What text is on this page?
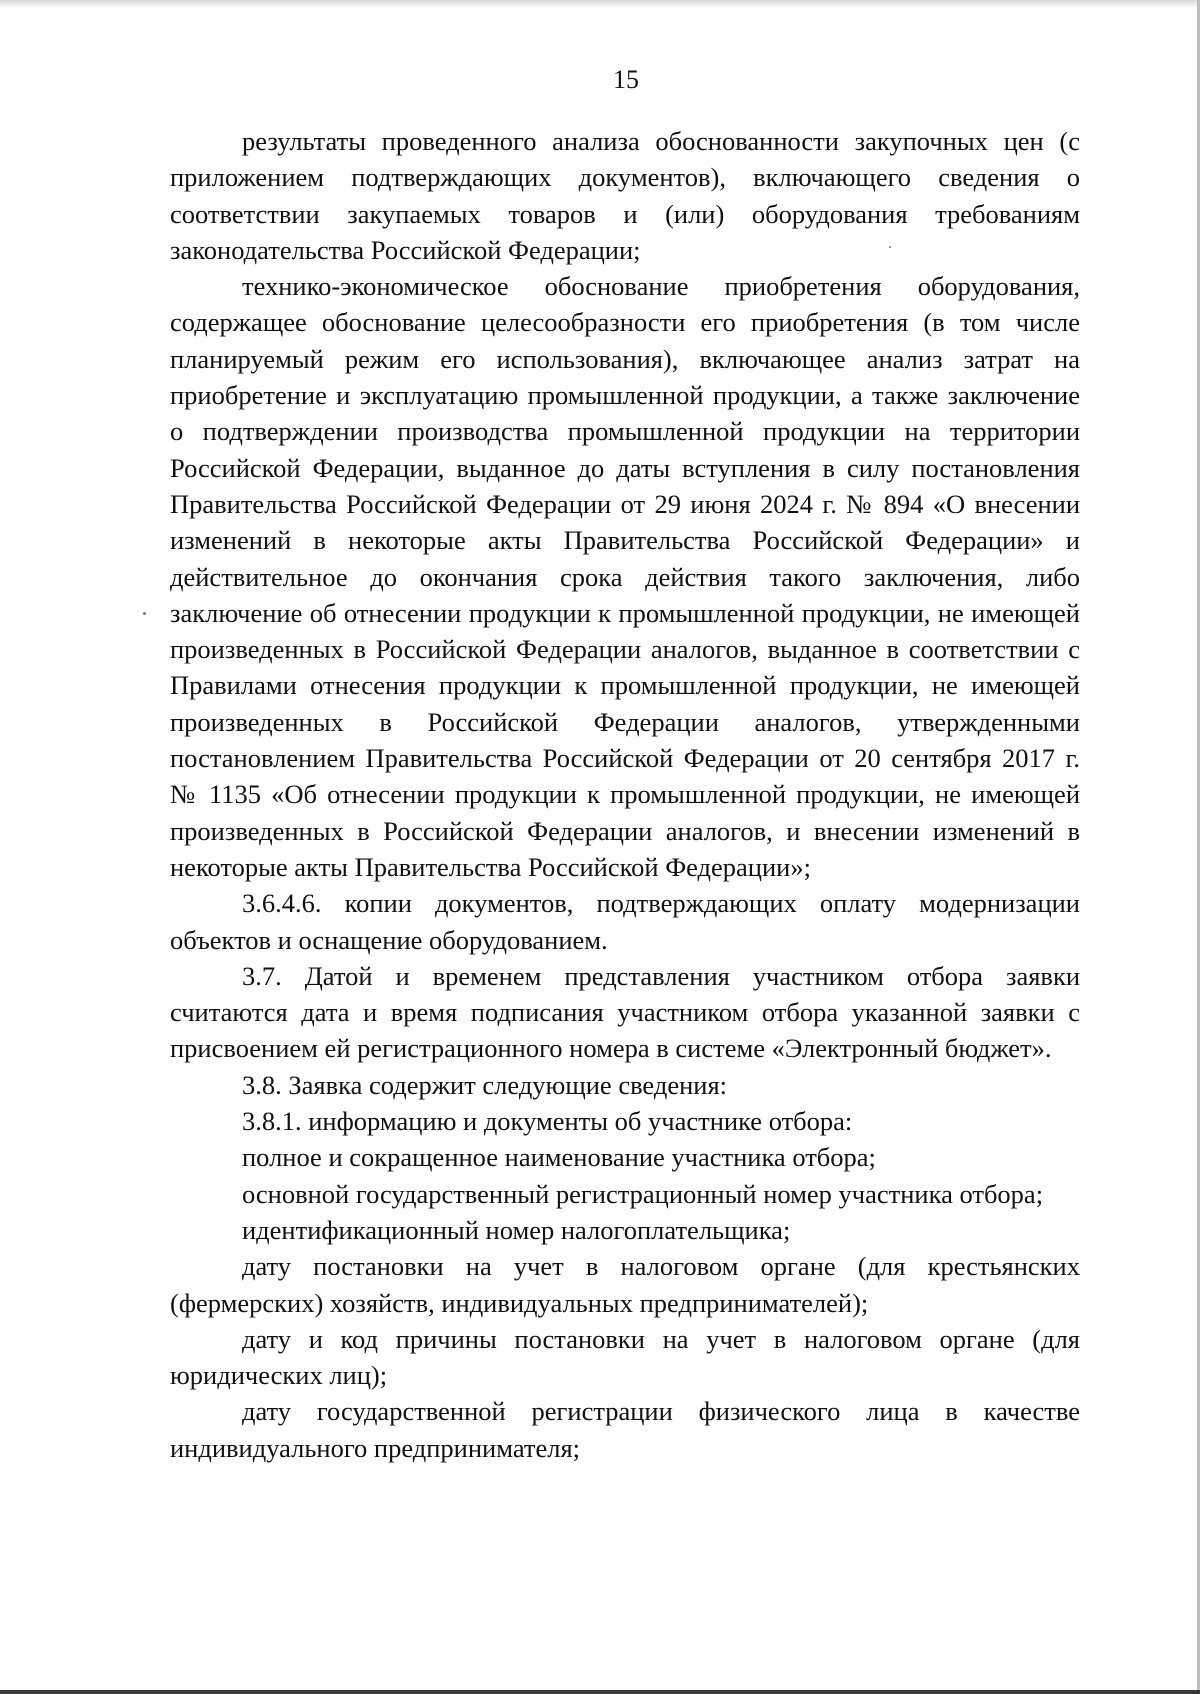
15

результаты проведенного анализа обоснованности закупочных цен (с приложением подтверждающих документов), включающего сведения о соответствии закупаемых товаров и (или) оборудования требованиям законодательства Российской Федерации;

технико-экономическое обоснование приобретения оборудования, содержащее обоснование целесообразности его приобретения (в том числе планируемый режим его использования), включающее анализ затрат на приобретение и эксплуатацию промышленной продукции, а также заключение о подтверждении производства промышленной продукции на территории Российской Федерации, выданное до даты вступления в силу постановления Правительства Российской Федерации от 29 июня 2024 г. № 894 «О внесении изменений в некоторые акты Правительства Российской Федерации» и действительное до окончания срока действия такого заключения, либо заключение об отнесении продукции к промышленной продукции, не имеющей произведенных в Российской Федерации аналогов, выданное в соответствии с Правилами отнесения продукции к промышленной продукции, не имеющей произведенных в Российской Федерации аналогов, утвержденными постановлением Правительства Российской Федерации от 20 сентября 2017 г. № 1135 «Об отнесении продукции к промышленной продукции, не имеющей произведенных в Российской Федерации аналогов, и внесении изменений в некоторые акты Правительства Российской Федерации»;

3.6.4.6. копии документов, подтверждающих оплату модернизации объектов и оснащение оборудованием.

3.7. Датой и временем представления участником отбора заявки считаются дата и время подписания участником отбора указанной заявки с присвоением ей регистрационного номера в системе «Электронный бюджет».

3.8. Заявка содержит следующие сведения:

3.8.1. информацию и документы об участнике отбора:

полное и сокращенное наименование участника отбора;

основной государственный регистрационный номер участника отбора;

идентификационный номер налогоплательщика;

дату постановки на учет в налоговом органе (для крестьянских (фермерских) хозяйств, индивидуальных предпринимателей);

дату и код причины постановки на учет в налоговом органе (для юридических лиц);

дату государственной регистрации физического лица в качестве индивидуального предпринимателя;
